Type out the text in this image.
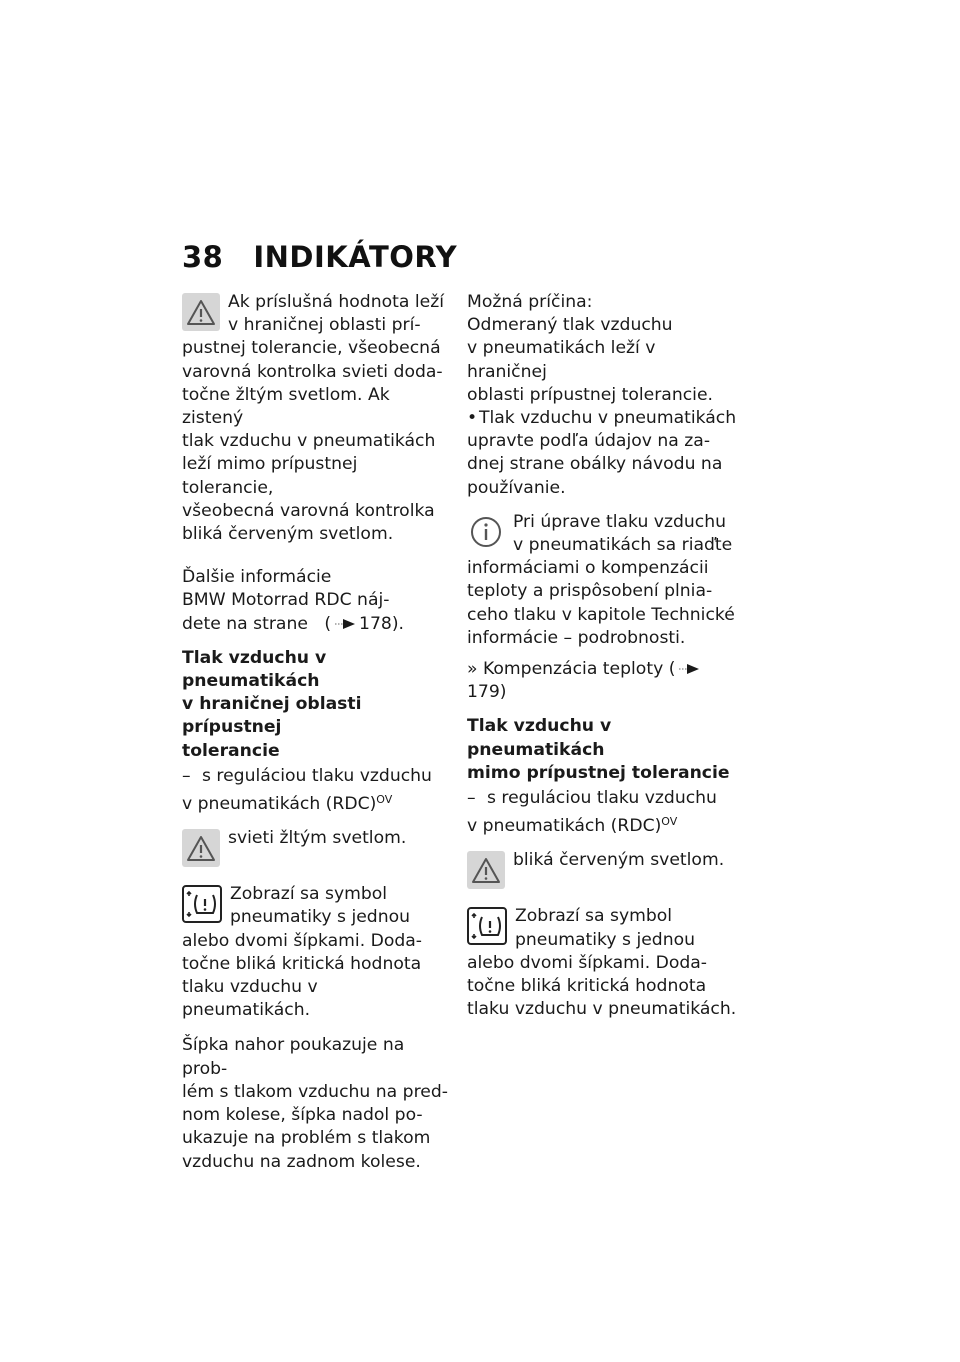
38 INDIKÁTORY

Ak príslušná hodnota leží

v hraničnej oblasti prí-

pustnej tolerancie, všeobecná

varovná kontrolka svieti doda-

točne žltým svetlom. Ak zistený

tlak vzduchu v pneumatikách

leží mimo prípustnej tolerancie,

všeobecná varovná kontrolka

bliká červeným svetlom.

Ďalšie informácie

BMW Motorrad RDC náj-

dete na strane ( 178).

Tlak vzduchu v pneumatikách

v hraničnej oblasti prípustnej

tolerancie

– s reguláciou tlaku vzduchu

v pneumatikách (RDC)$^{OV}$

svieti žltým svetlom.

Zobrazí sa symbol

pneumatiky s jednou

alebo dvomi šípkami. Doda-

točne bliká kritická hodnota

tlaku vzduchu v pneumatikách.

Šípka nahor poukazuje na prob-

lém s tlakom vzduchu na pred-

nom kolese, šípka nadol po-

ukazuje na problém s tlakom

vzduchu na zadnom kolese.

Možná príčina:

Odmeraný tlak vzduchu

v pneumatikách leží v hraničnej

oblasti prípustnej tolerancie.

• Tlak vzduchu v pneumatikách

upravte podľa údajov na za-

dnej strane obálky návodu na

používanie.

Pri úprave tlaku vzduchu

v pneumatikách sa riaďte

informáciami o kompenzácii

teploty a prispôsobení plnia-

ceho tlaku v kapitole Technické

informácie – podrobnosti.

» Kompenzácia teploty (179)

Tlak vzduchu v pneumatikách

mimo prípustnej tolerancie

– s reguláciou tlaku vzduchu

v pneumatikách (RDC)$^{OV}$

bliká červeným svetlom.

Zobrazí sa symbol

pneumatiky s jednou

alebo dvomi šípkami. Doda-

točne bliká kritická hodnota

tlaku vzduchu v pneumatikách.
